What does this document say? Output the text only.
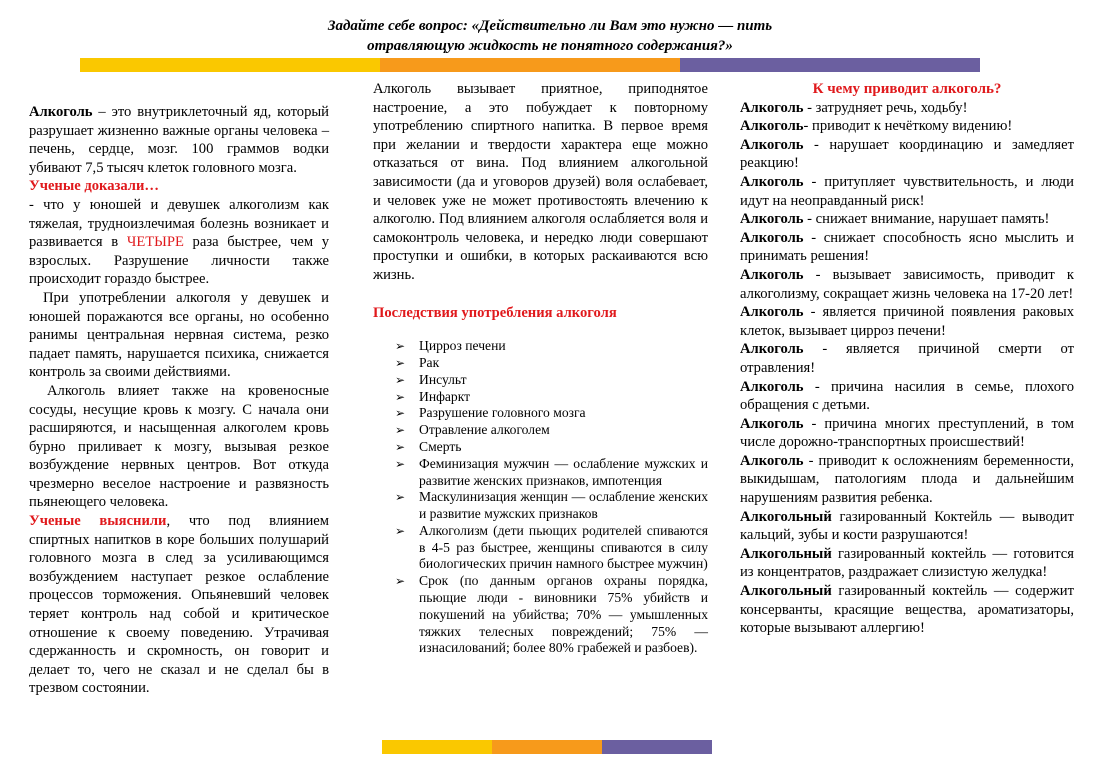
Задайте себе вопрос: «Действительно ли Вам это нужно — пить
отравляющую жидкость не понятного содержания?»

Алкоголь – это внутриклеточный яд, который разрушает жизненно важные органы человека – печень, сердце, мозг. 100 граммов водки убивают 7,5 тысяч клеток головного мозга.

Ученые доказали…

- что у юношей и девушек алкоголизм как тяжелая, трудноизлечимая болезнь возникает и развивается в ЧЕТЫРЕ раза быстрее, чем у взрослых. Разрушение личности также происходит гораздо быстрее.

При употреблении алкоголя у девушек и юношей поражаются все органы, но особенно ранимы центральная нервная система, резко падает память, нарушается психика, снижается контроль за своими действиями.

Алкоголь влияет также на кровеносные сосуды, несущие кровь к мозгу. С начала они расширяются, и насыщенная алкоголем кровь бурно приливает к мозгу, вызывая резкое возбуждение нервных центров. Вот откуда чрезмерно веселое настроение и развязность пьянеющего человека.

Ученые выяснили, что под влиянием спиртных напитков в коре больших полушарий головного мозга в след за усиливающимся возбуждением наступает резкое ослабление процессов торможения. Опьяневший человек теряет контроль над собой и критическое отношение к своему поведению. Утрачивая сдержанность и скромность, он говорит и делает то, чего не сказал и не сделал бы в трезвом состоянии.

Алкоголь вызывает приятное, приподнятое настроение, а это побуждает к повторному употреблению спиртного напитка. В первое время при желании и твердости характера еще можно отказаться от вина. Под влиянием алкогольной зависимости (да и уговоров друзей) воля ослабевает, и человек уже не может противостоять влечению к алкоголю. Под влиянием алкоголя ослабляется воля и самоконтроль человека, и нередко люди совершают проступки и ошибки, в которых раскаиваются всю жизнь.

Последствия употребления алкоголя

➢ Цирроз печени
➢ Рак
➢ Инсульт
➢ Инфаркт
➢ Разрушение головного мозга
➢ Отравление алкоголем
➢ Смерть
➢ Феминизация мужчин — ослабление мужских и развитие женских признаков, импотенция
➢ Маскулинизация женщин — ослабление женских и развитие мужских признаков
➢ Алкоголизм (дети пьющих родителей спиваются в 4-5 раз быстрее, женщины спиваются в силу биологических причин намного быстрее мужчин)
➢ Срок (по данным органов охраны порядка, пьющие люди - виновники 75% убийств и покушений на убийства; 70% — умышленных тяжких телесных повреждений; 75% — изнасилований; более 80% грабежей и разбоев).

К чему приводит алкоголь?

Алкоголь - затрудняет речь, ходьбу!

Алкоголь- приводит к нечёткому видению!

Алкоголь - нарушает координацию и замедляет реакцию!

Алкоголь - притупляет чувствительность, и люди идут на неоправданный риск!

Алкоголь - снижает внимание, нарушает память!

Алкоголь - снижает способность ясно мыслить и принимать решения!

Алкоголь - вызывает зависимость, приводит к алкоголизму, сокращает жизнь человека на 17-20 лет!

Алкоголь - является причиной появления раковых клеток, вызывает цирроз печени!

Алкоголь - является причиной смерти от отравления!

Алкоголь - причина насилия в семье, плохого обращения с детьми.

Алкоголь - причина многих преступлений, в том числе дорожно-транспортных происшествий!

Алкоголь - приводит к осложнениям беременности, выкидышам, патологиям плода и дальнейшим нарушениям развития ребенка.

Алкогольный газированный Коктейль — выводит кальций, зубы и кости разрушаются!

Алкогольный газированный коктейль — готовится из концентратов, раздражает слизистую желудка!

Алкогольный газированный коктейль — содержит консерванты, красящие вещества, ароматизаторы, которые вызывают аллергию!
